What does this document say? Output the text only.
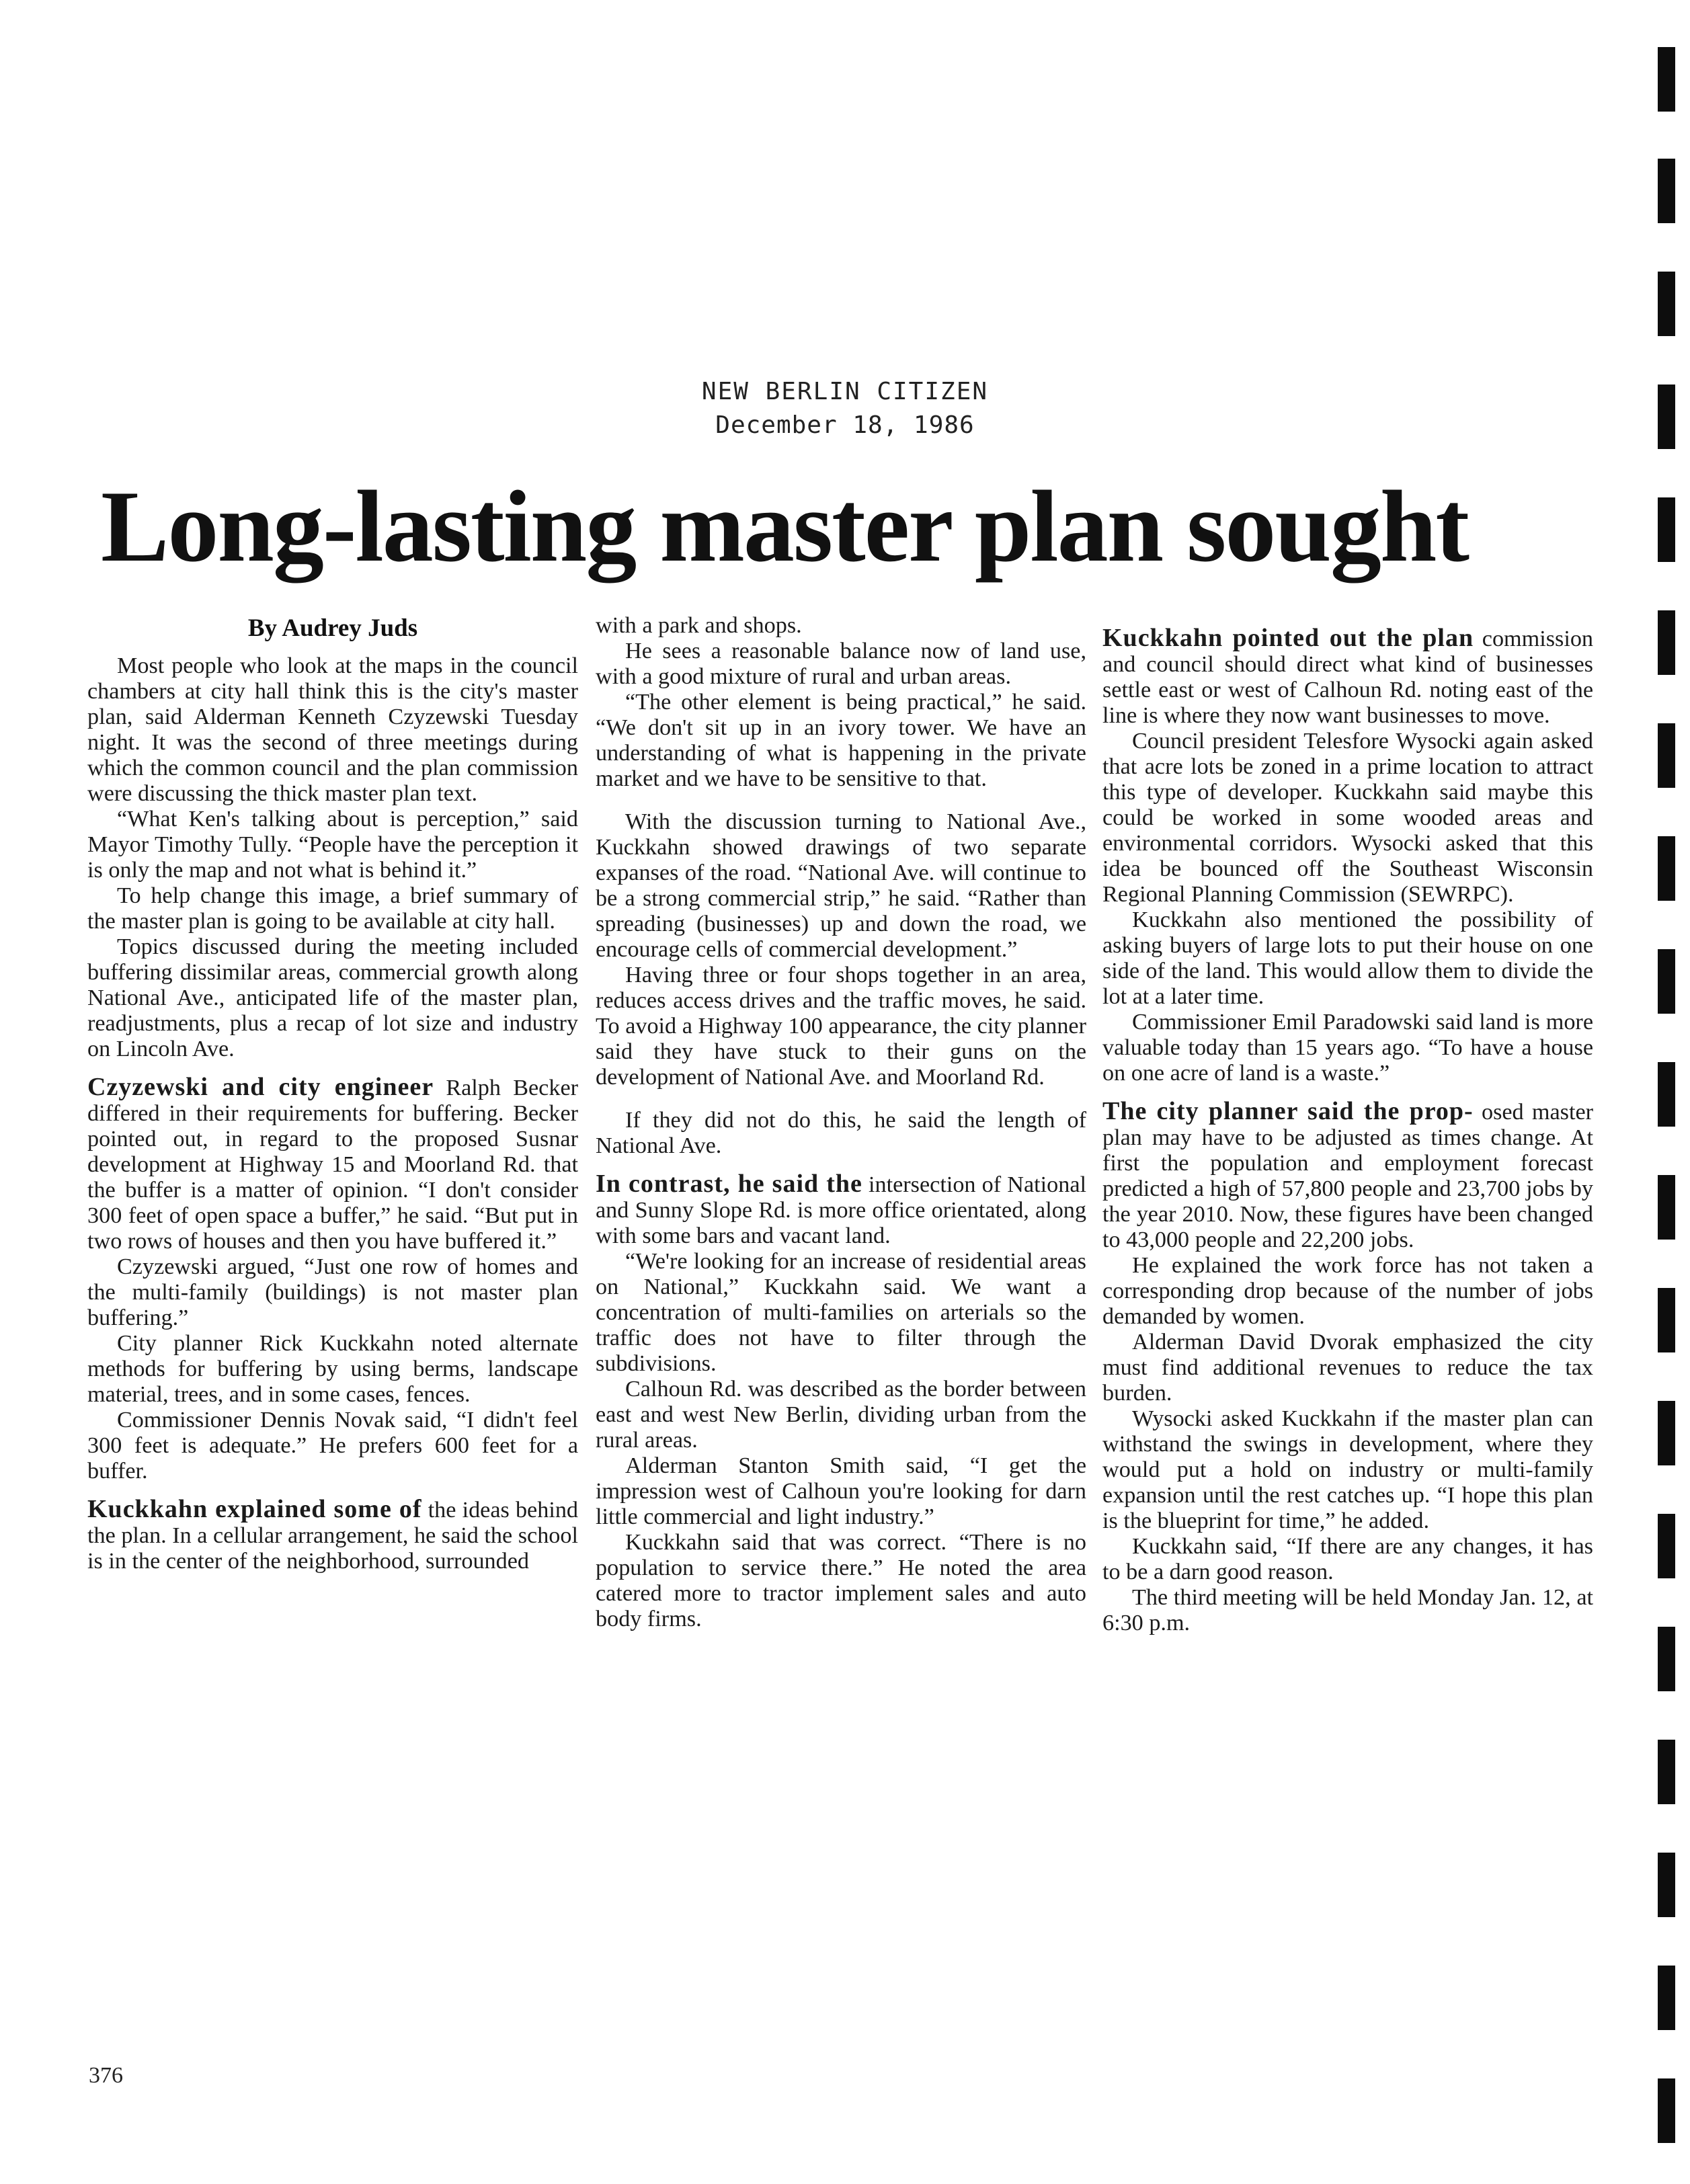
NEW BERLIN CITIZEN
December 18, 1986
Long-lasting master plan sought
By Audrey Juds

Most people who look at the maps in the council chambers at city hall think this is the city's master plan, said Alderman Kenneth Czyzewski Tuesday night. It was the second of three meetings during which the common council and the plan commission were discussing the thick master plan text.

“What Ken's talking about is perception,” said Mayor Timothy Tully. “People have the perception it is only the map and not what is behind it.”

To help change this image, a brief summary of the master plan is going to be available at city hall.

Topics discussed during the meeting included buffering dissimilar areas, commercial growth along National Ave., anticipated life of the master plan, readjustments, plus a recap of lot size and industry on Lincoln Ave.

Czyzewski and city engineer Ralph Becker differed in their requirements for buffering. Becker pointed out, in regard to the proposed Susnar development at Highway 15 and Moorland Rd. that the buffer is a matter of opinion. “I don't consider 300 feet of open space a buffer,” he said. “But put in two rows of houses and then you have buffered it.”

Czyzewski argued, “Just one row of homes and the multi-family (buildings) is not master plan buffering.”

City planner Rick Kuckkahn noted alternate methods for buffering by using berms, landscape material, trees, and in some cases, fences.

Commissioner Dennis Novak said, “I didn't feel 300 feet is adequate.” He prefers 600 feet for a buffer.

Kuckkahn explained some of the ideas behind the plan. In a cellular arrangement, he said the school is in the center of the neighborhood, surrounded

with a park and shops.

He sees a reasonable balance now of land use, with a good mixture of rural and urban areas.

“The other element is being practical,” he said. “We don't sit up in an ivory tower. We have an understanding of what is happening in the private market and we have to be sensitive to that.

With the discussion turning to National Ave., Kuckkahn showed drawings of two separate expanses of the road. “National Ave. will continue to be a strong commercial strip,” he said. “Rather than spreading (businesses) up and down the road, we encourage cells of commercial development.”

Having three or four shops together in an area, reduces access drives and the traffic moves, he said. To avoid a Highway 100 appearance, the city planner said they have stuck to their guns on the development of National Ave. and Moorland Rd.

If they did not do this, he said the length of National Ave.

In contrast, he said the intersection of National and Sunny Slope Rd. is more office orientated, along with some bars and vacant land.

“We're looking for an increase of residential areas on National,” Kuckkahn said. We want a concentration of multi-families on arterials so the traffic does not have to filter through the subdivisions.

Calhoun Rd. was described as the border between east and west New Berlin, dividing urban from the rural areas.

Alderman Stanton Smith said, “I get the impression west of Calhoun you're looking for darn little commercial and light industry.”

Kuckkahn said that was correct. “There is no population to service there.” He noted the area catered more to tractor implement sales and auto body firms.

Kuckkahn pointed out the plan commission and council should direct what kind of businesses settle east or west of Calhoun Rd. noting east of the line is where they now want businesses to move.

Council president Telesfore Wysocki again asked that acre lots be zoned in a prime location to attract this type of developer. Kuckkahn said maybe this could be worked in some wooded areas and environmental corridors. Wysocki asked that this idea be bounced off the Southeast Wisconsin Regional Planning Commission (SEWRPC).

Kuckkahn also mentioned the possibility of asking buyers of large lots to put their house on one side of the land. This would allow them to divide the lot at a later time.

Commissioner Emil Paradowski said land is more valuable today than 15 years ago. “To have a house on one acre of land is a waste.”

The city planner said the prop- osed master plan may have to be adjusted as times change. At first the population and employment forecast predicted a high of 57,800 people and 23,700 jobs by the year 2010. Now, these figures have been changed to 43,000 people and 22,200 jobs.

He explained the work force has not taken a corresponding drop because of the number of jobs demanded by women.

Alderman David Dvorak emphasized the city must find additional revenues to reduce the tax burden.

Wysocki asked Kuckkahn if the master plan can withstand the swings in development, where they would put a hold on industry or multi-family expansion until the rest catches up. “I hope this plan is the blueprint for time,” he added.

Kuckkahn said, “If there are any changes, it has to be a darn good reason.

The third meeting will be held Monday Jan. 12, at 6:30 p.m.

376
